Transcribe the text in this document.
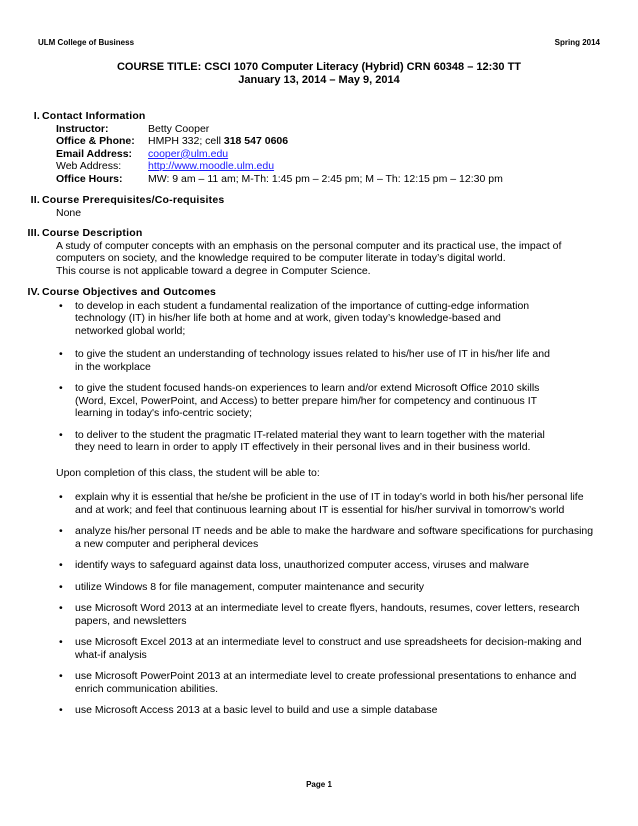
ULM College of Business	Spring 2014
COURSE TITLE: CSCI 1070 Computer Literacy (Hybrid) CRN 60348 – 12:30 TT
January 13, 2014 – May 9, 2014
I. Contact Information
Instructor:	Betty Cooper
Office & Phone:	HMPH 332; cell 318 547 0606
Email Address:	cooper@ulm.edu
Web Address:	http://www.moodle.ulm.edu
Office Hours:	MW: 9 am – 11 am; M-Th: 1:45 pm – 2:45 pm; M – Th: 12:15 pm – 12:30 pm
II. Course Prerequisites/Co-requisites
None
III. Course Description
A study of computer concepts with an emphasis on the personal computer and its practical use, the impact of computers on society, and the knowledge required to be computer literate in today’s digital world.
This course is not applicable toward a degree in Computer Science.
IV. Course Objectives and Outcomes
• to develop in each student a fundamental realization of the importance of cutting-edge information technology (IT) in his/her life both at home and at work, given today’s knowledge-based and networked global world;
• to give the student an understanding of technology issues related to his/her use of IT in his/her life and in the workplace
• to give the student focused hands-on experiences to learn and/or extend Microsoft Office 2010 skills (Word, Excel, PowerPoint, and Access) to better prepare him/her for competency and continuous IT learning in today's info-centric society;
• to deliver to the student the pragmatic IT-related material they want to learn together with the material they need to learn in order to apply IT effectively in their personal lives and in their business world.
Upon completion of this class, the student will be able to:
• explain why it is essential that he/she be proficient in the use of IT in today’s world in both his/her personal life and at work; and feel that continuous learning about IT is essential for his/her survival in tomorrow’s world
• analyze his/her personal IT needs and be able to make the hardware and software specifications for purchasing a new computer and peripheral devices
• identify ways to safeguard against data loss, unauthorized computer access, viruses and malware
• utilize Windows 8 for file management, computer maintenance and security
• use Microsoft Word 2013 at an intermediate level to create flyers, handouts, resumes, cover letters, research papers, and newsletters
• use Microsoft Excel 2013 at an intermediate level to construct and use spreadsheets for decision-making and what-if analysis
• use Microsoft PowerPoint 2013 at an intermediate level to create professional presentations to enhance and enrich communication abilities.
• use Microsoft Access 2013 at a basic level to build and use a simple database
Page 1
